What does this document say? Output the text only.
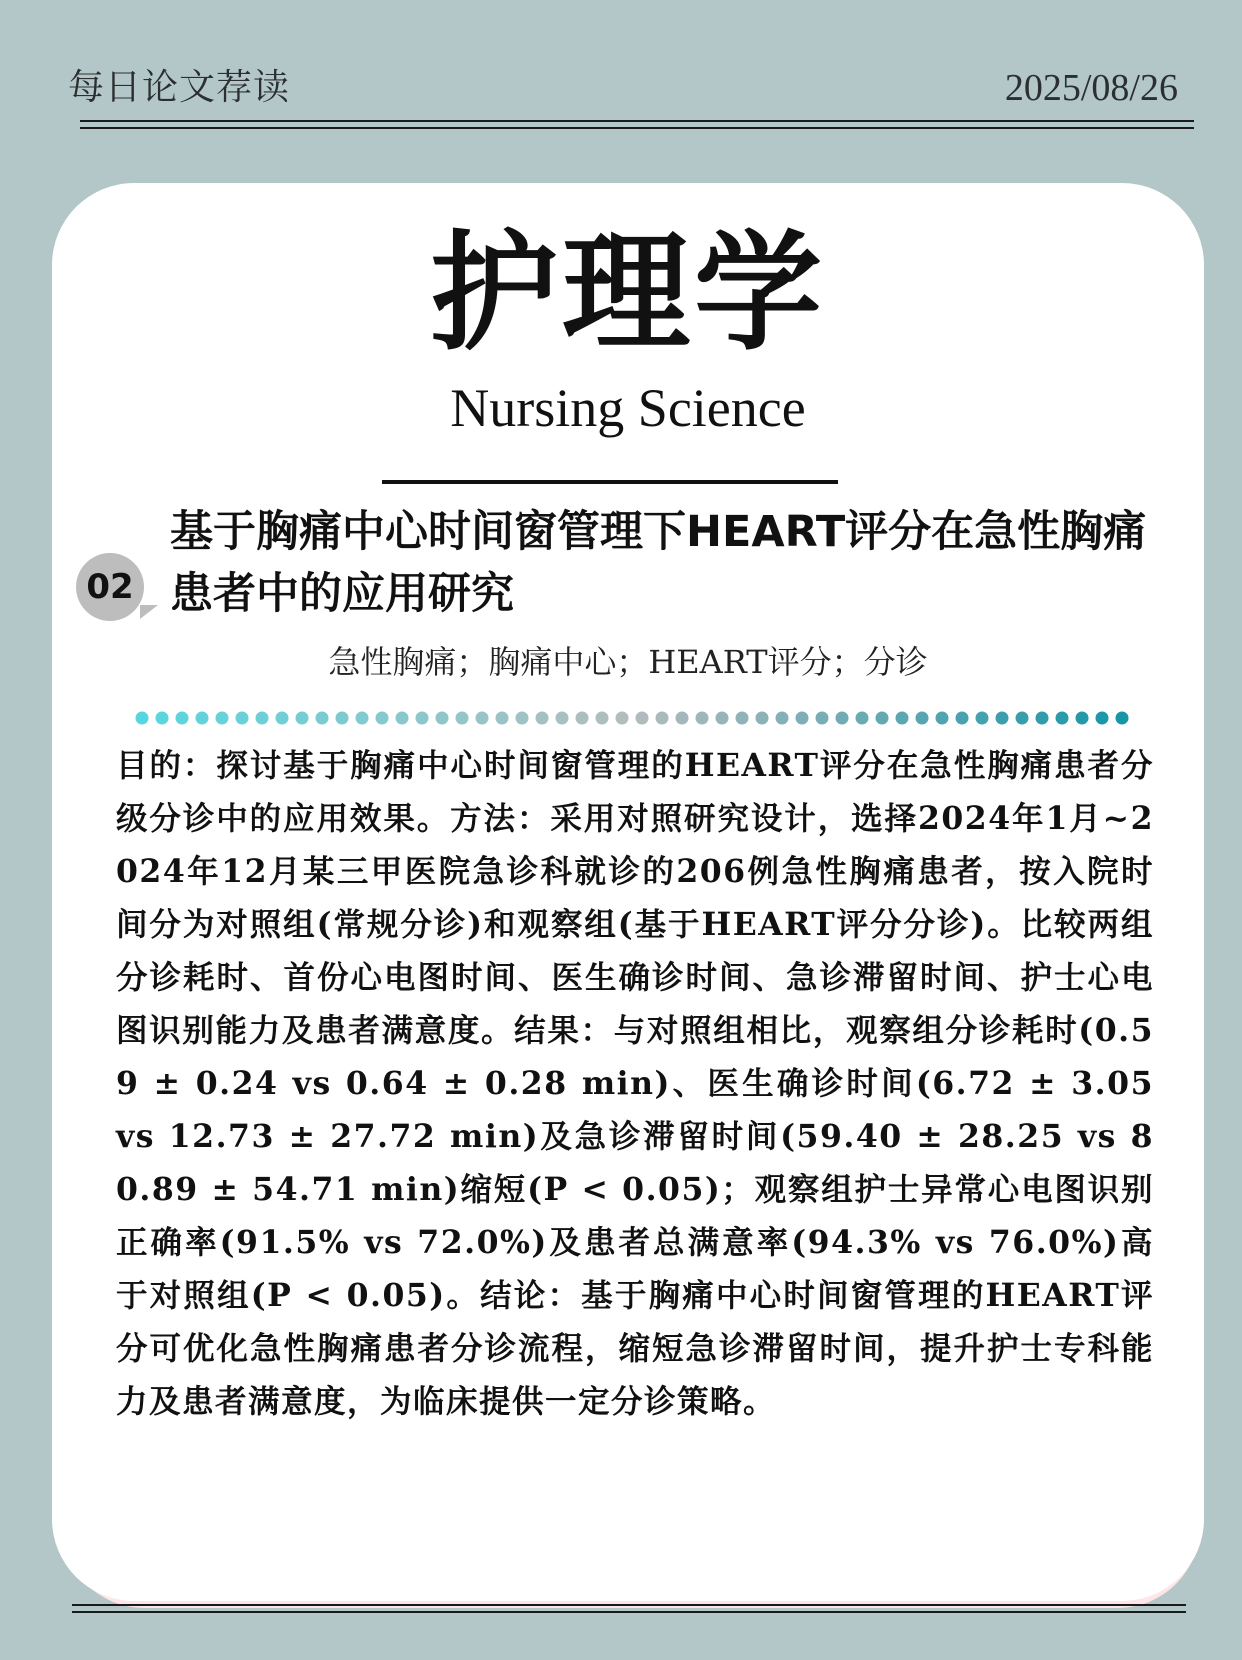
每日论文荐读	2025/08/26
护理学
Nursing Science
02
基于胸痛中心时间窗管理下HEART评分在急性胸痛患者中的应用研究
急性胸痛；胸痛中心；HEART评分；分诊
目的：探讨基于胸痛中心时间窗管理的HEART评分在急性胸痛患者分级分诊中的应用效果。方法：采用对照研究设计，选择2024年1月~2024年12月某三甲医院急诊科就诊的206例急性胸痛患者，按入院时间分为对照组(常规分诊)和观察组(基于HEART评分分诊)。比较两组分诊耗时、首份心电图时间、医生确诊时间、急诊滞留时间、护士心电图识别能力及患者满意度。结果：与对照组相比，观察组分诊耗时(0.59 ± 0.24 vs 0.64 ± 0.28 min)、医生确诊时间(6.72 ± 3.05 vs 12.73 ± 27.72 min)及急诊滞留时间(59.40 ± 28.25 vs 80.89 ± 54.71 min)缩短(P < 0.05)；观察组护士异常心电图识别正确率(91.5% vs 72.0%)及患者总满意率(94.3% vs 76.0%)高于对照组(P < 0.05)。结论：基于胸痛中心时间窗管理的HEART评分可优化急性胸痛患者分诊流程，缩短急诊滞留时间，提升护士专科能力及患者满意度，为临床提供一定分诊策略。
